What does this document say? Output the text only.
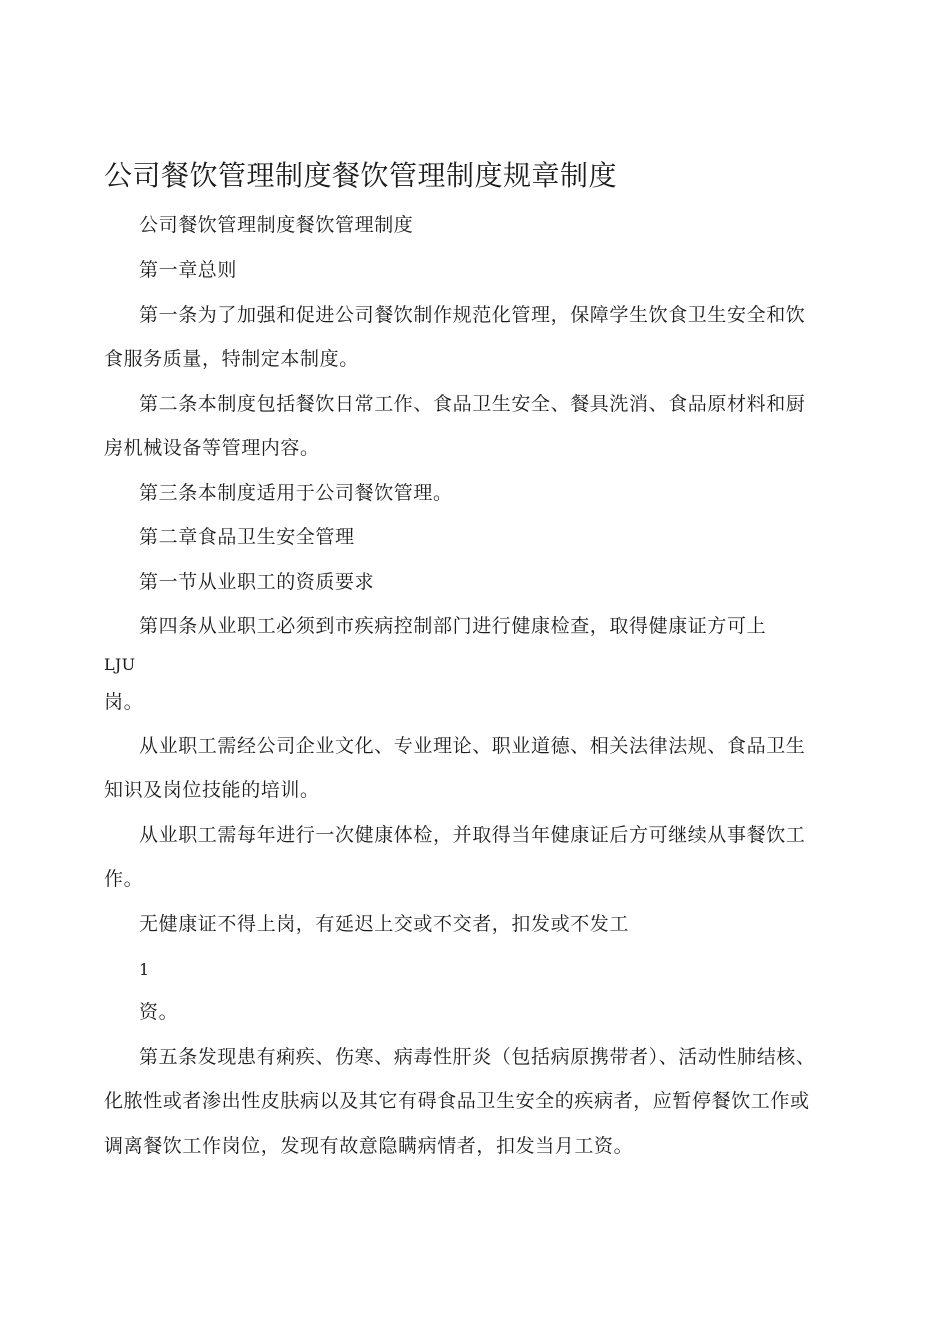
公司餐饮管理制度餐饮管理制度规章制度
公司餐饮管理制度餐饮管理制度
第一章总则
第一条为了加强和促进公司餐饮制作规范化管理，保障学生饮食卫生安全和饮
食服务质量，特制定本制度。
第二条本制度包括餐饮日常工作、食品卫生安全、餐具洗消、食品原材料和厨
房机械设备等管理内容。
第三条本制度适用于公司餐饮管理。
第二章食品卫生安全管理
第一节从业职工的资质要求
第四条从业职工必须到市疾病控制部门进行健康检查，取得健康证方可上
LJU
岗。
从业职工需经公司企业文化、专业理论、职业道德、相关法律法规、食品卫生
知识及岗位技能的培训。
从业职工需每年进行一次健康体检，并取得当年健康证后方可继续从事餐饮工
作。
无健康证不得上岗，有延迟上交或不交者，扣发或不发工
1
资。
第五条发现患有痢疾、伤寒、病毒性肝炎（包括病原携带者）、活动性肺结核、
化脓性或者渗出性皮肤病以及其它有碍食品卫生安全的疾病者，应暂停餐饮工作或
调离餐饮工作岗位，发现有故意隐瞒病情者，扣发当月工资。
